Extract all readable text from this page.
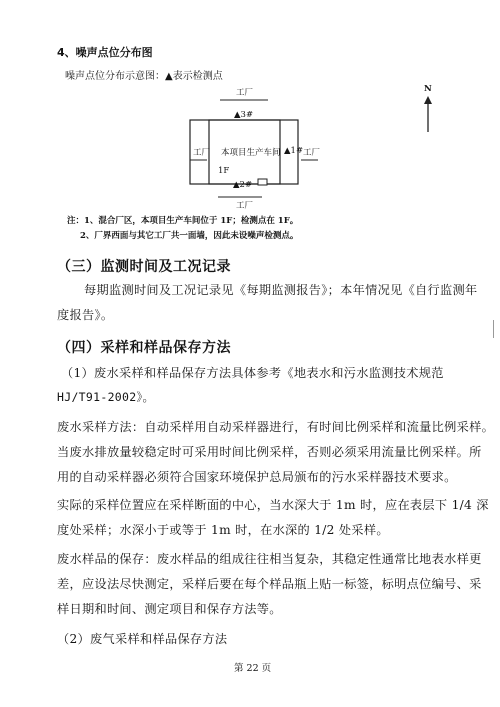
4、噪声点位分布图
噪声点位分布示意图：▲表示检测点
工厂
▲3#
工厂 本项目生产车间 ▲1# 工厂
1F
▲2#
工厂
N
注：1、混合厂区，本项目生产车间位于 1F；检测点在 1F。
2、厂界西面与其它工厂共一面墙，因此未设噪声检测点。
（三）监测时间及工况记录
每期监测时间及工况记录见《每期监测报告》；本年情况见《自行监测年
度报告》。
（四）采样和样品保存方法
（1）废水采样和样品保存方法具体参考《地表水和污水监测技术规范
HJ/T91-2002》。
废水采样方法：自动采样用自动采样器进行，有时间比例采样和流量比例采样。
当废水排放量较稳定时可采用时间比例采样，否则必须采用流量比例采样。所
用的自动采样器必须符合国家环境保护总局颁布的污水采样器技术要求。
实际的采样位置应在采样断面的中心，当水深大于 1m 时，应在表层下 1/4 深
度处采样；水深小于或等于 1m 时，在水深的 1/2 处采样。
废水样品的保存：废水样品的组成往往相当复杂，其稳定性通常比地表水样更
差，应设法尽快测定，采样后要在每个样品瓶上贴一标签，标明点位编号、采
样日期和时间、测定项目和保存方法等。
（2）废气采样和样品保存方法
第 22 页
